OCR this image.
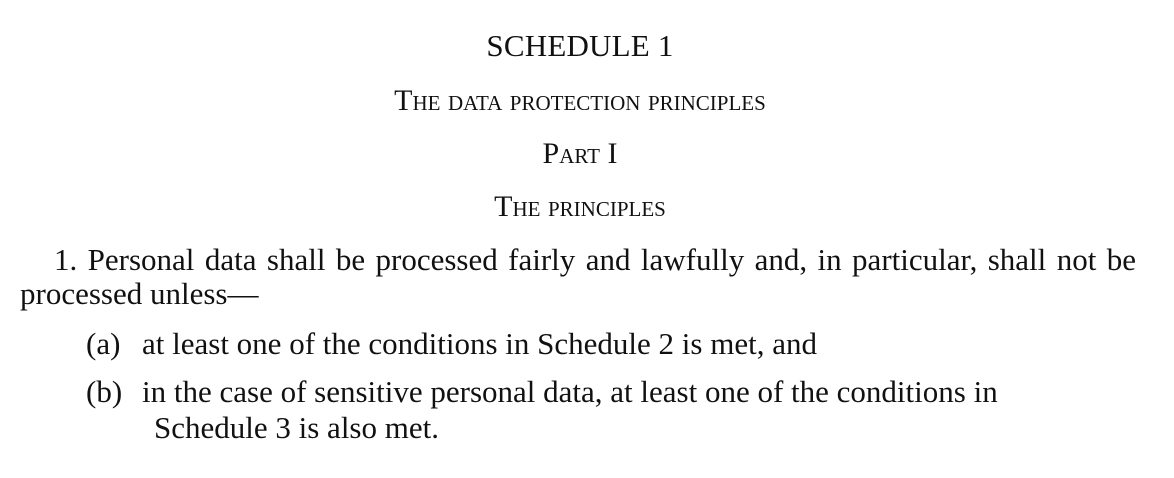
SCHEDULE 1
The data protection principles
Part I
The principles
1. Personal data shall be processed fairly and lawfully and, in particular, shall not be processed unless—
(a) at least one of the conditions in Schedule 2 is met, and
(b) in the case of sensitive personal data, at least one of the conditions in
Schedule 3 is also met.
